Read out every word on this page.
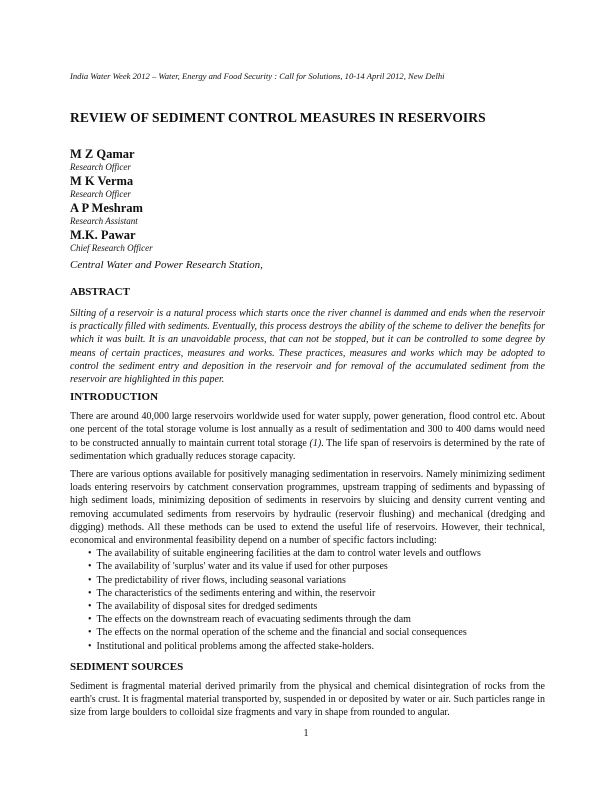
India Water Week 2012 – Water, Energy and Food Security : Call for Solutions, 10-14 April 2012, New Delhi
REVIEW OF SEDIMENT CONTROL MEASURES IN RESERVOIRS
M Z Qamar
Research Officer
M K Verma
Research Officer
A P Meshram
Research Assistant
M.K. Pawar
Chief Research Officer
Central Water and Power Research Station,
ABSTRACT

Silting of a reservoir is a natural process which starts once the river channel is dammed and ends when the reservoir is practically filled with sediments. Eventually, this process destroys the ability of the scheme to deliver the benefits for which it was built. It is an unavoidable process, that can not be stopped, but it can be controlled to some degree by means of certain practices, measures and works. These practices, measures and works which may be adopted to control the sediment entry and deposition in the reservoir and for removal of the accumulated sediment from the reservoir are highlighted in this paper.

INTRODUCTION

There are around 40,000 large reservoirs worldwide used for water supply, power generation, flood control etc. About one percent of the total storage volume is lost annually as a result of sedimentation and 300 to 400 dams would need to be constructed annually to maintain current total storage (1). The life span of reservoirs is determined by the rate of sedimentation which gradually reduces storage capacity.

There are various options available for positively managing sedimentation in reservoirs. Namely minimizing sediment loads entering reservoirs by catchment conservation programmes, upstream trapping of sediments and bypassing of high sediment loads, minimizing deposition of sediments in reservoirs by sluicing and density current venting and removing accumulated sediments from reservoirs by hydraulic (reservoir flushing) and mechanical (dredging and digging) methods. All these methods can be used to extend the useful life of reservoirs. However, their technical, economical and environmental feasibility depend on a number of specific factors including:

• The availability of suitable engineering facilities at the dam to control water levels and outflows
• The availability of 'surplus' water and its value if used for other purposes
• The predictability of river flows, including seasonal variations
• The characteristics of the sediments entering and within, the reservoir
• The availability of disposal sites for dredged sediments
• The effects on the downstream reach of evacuating sediments through the dam
• The effects on the normal operation of the scheme and the financial and social consequences
• Institutional and political problems among the affected stake-holders.
SEDIMENT SOURCES

Sediment is fragmental material derived primarily from the physical and chemical disintegration of rocks from the earth's crust. It is fragmental material transported by, suspended in or deposited by water or air. Such particles range in size from large boulders to colloidal size fragments and vary in shape from rounded to angular.

1
